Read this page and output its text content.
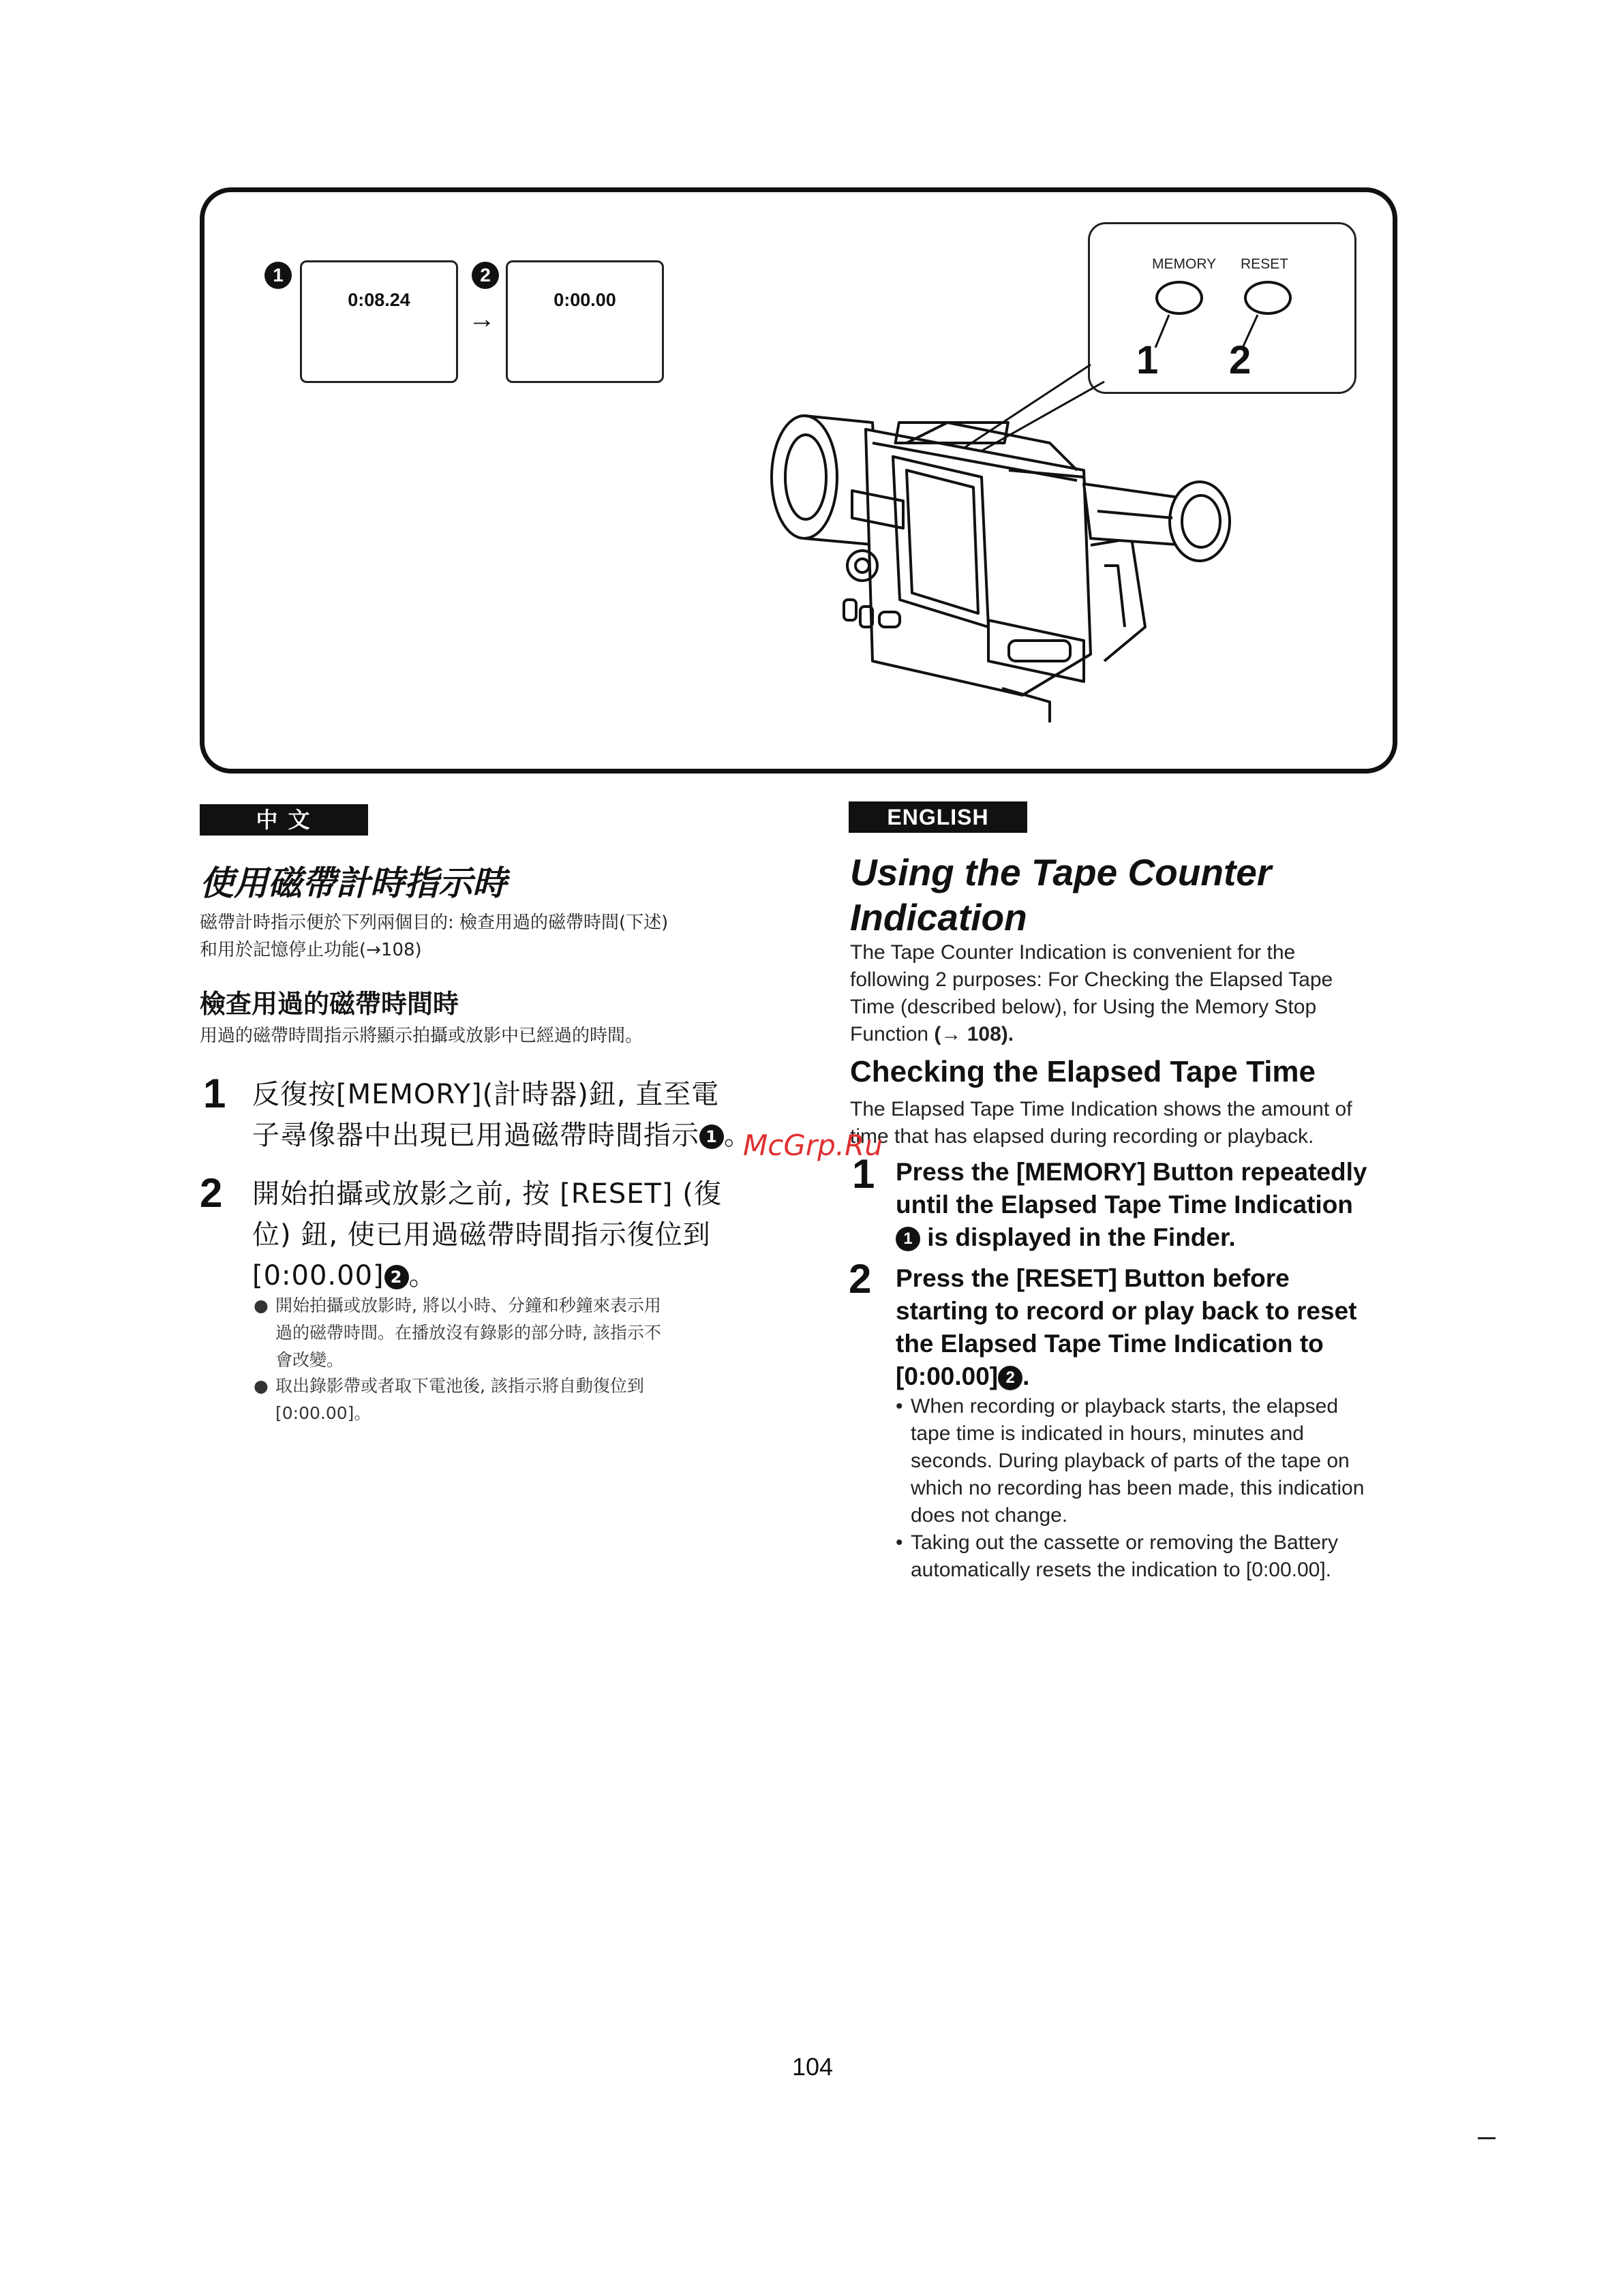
1
0:08.24
→
2
0:00.00
MEMORY RESET
1 2
中 文
使用磁帶計時指示時
磁帶計時指示便於下列兩個目的: 檢查用過的磁帶時間(下述)
和用於記憶停止功能(→108)
檢查用過的磁帶時間時
用過的磁帶時間指示將顯示拍攝或放影中已經過的時間。
1 反復按[MEMORY](計時器)鈕, 直至電
子尋像器中出現已用過磁帶時間指示 1 。
2 開始拍攝或放影之前, 按 [RESET] (復
位) 鈕, 使已用過磁帶時間指示復位到
[0:00.00] 2 。
● 開始拍攝或放影時, 將以小時、分鐘和秒鐘來表示用
過的磁帶時間。在播放沒有錄影的部分時, 該指示不
會改變。
● 取出錄影帶或者取下電池後, 該指示將自動復位到
[0:00.00]。
ENGLISH
Using the Tape Counter
Indication
The Tape Counter Indication is convenient for the
following 2 purposes: For Checking the Elapsed Tape
Time (described below), for Using the Memory Stop
Function (→ 108).
Checking the Elapsed Tape Time
The Elapsed Tape Time Indication shows the amount of
time that has elapsed during recording or playback.
1 Press the [MEMORY] Button repeatedly
until the Elapsed Tape Time Indication
1 is displayed in the Finder.
2 Press the [RESET] Button before
starting to record or play back to reset
the Elapsed Tape Time Indication to
[0:00.00] 2 .
• When recording or playback starts, the elapsed
tape time is indicated in hours, minutes and
seconds. During playback of parts of the tape on
which no recording has been made, this indication
does not change.
• Taking out the cassette or removing the Battery
automatically resets the indication to [0:00.00].
McGrp.Ru
104
